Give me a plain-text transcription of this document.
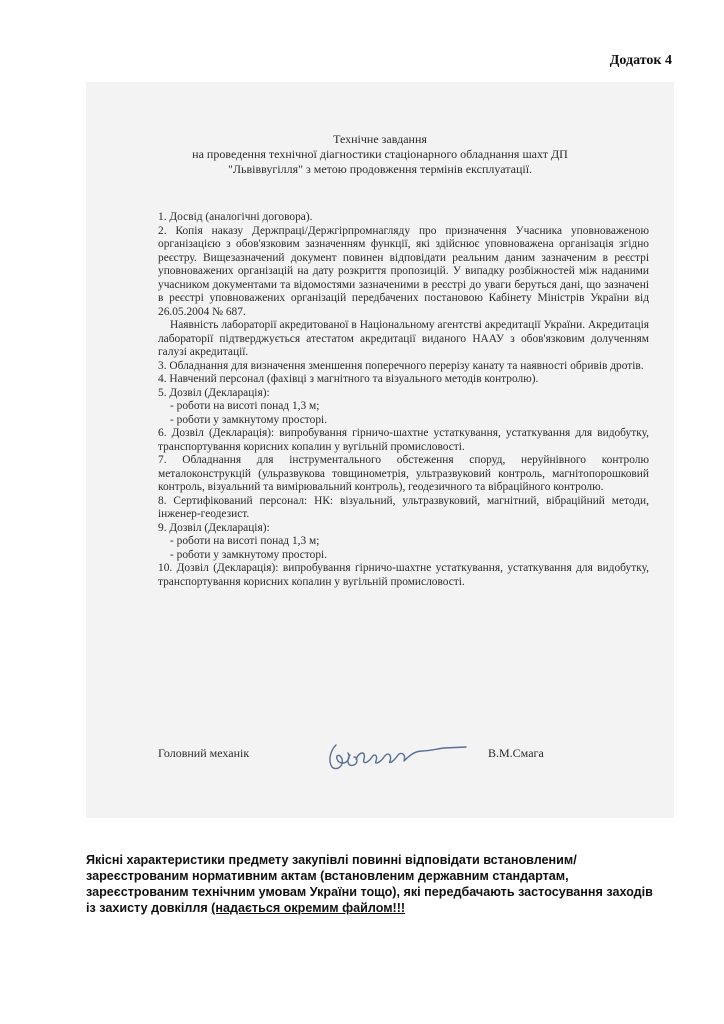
Додаток 4
Технічне завдання
на проведення технічної діагностики стаціонарного обладнання шахт ДП
"Львіввугілля" з метою продовження термінів експлуатації.

1. Досвід (аналогічні договора).

2. Копія наказу Держпраці/Держгірпромнагляду про призначення Учасника уповноваженою організацією з обов'язковим зазначенням функції, які здійснює уповноважена організація згідно реєстру. Вищезазначений документ повинен відповідати реальним даним зазначеним в реєстрі уповноважених організацій на дату розкриття пропозицій. У випадку розбіжностей між наданими учасником документами та відомостями зазначеними в реєстрі до уваги беруться дані, що зазначені в реєстрі уповноважених організацій передбачених постановою Кабінету Міністрів України від 26.05.2004 № 687.

Наявність лабораторії акредитованої в Національному агентстві акредитації України. Акредитація лабораторії підтверджується атестатом акредитації виданого НААУ з обов'язковим долученням галузі акредитації.

3. Обладнання для визначення зменшення поперечного перерізу канату та наявності обривів дротів.

4. Навчений персонал (фахівці з магнітного та візуального методів контролю).

5. Дозвіл (Декларація):

- роботи на висоті понад 1,3 м;

- роботи у замкнутому просторі.

6. Дозвіл (Декларація): випробування гірничо-шахтне устаткування, устаткування для видобутку, транспортування корисних копалин у вугільній промисловості.

7. Обладнання для інструментального обстеження споруд, неруйнівного контролю металоконструкцій (ульразвукова товщинометрія, ультразвуковий контроль, магнітопорошковий контроль, візуальний та вимірювальний контроль), геодезичного та вібраційного контролю.

8. Сертифікований персонал: НК: візуальний, ультразвуковий, магнітний, вібраційний методи, інженер-геодезист.

9. Дозвіл (Декларація):

- роботи на висоті понад 1,3 м;

- роботи у замкнутому просторі.

10. Дозвіл (Декларація): випробування гірничо-шахтне устаткування, устаткування для видобутку, транспортування корисних копалин у вугільній промисловості.

Головний механік	В.М.Смага
Якісні характеристики предмету закупівлі повинні відповідати встановленим/зареєстрованим нормативним актам (встановленим державним стандартам, зареєстрованим технічним умовам України тощо), які передбачають застосування заходів із захисту довкілля (надається окремим файлом!!!
